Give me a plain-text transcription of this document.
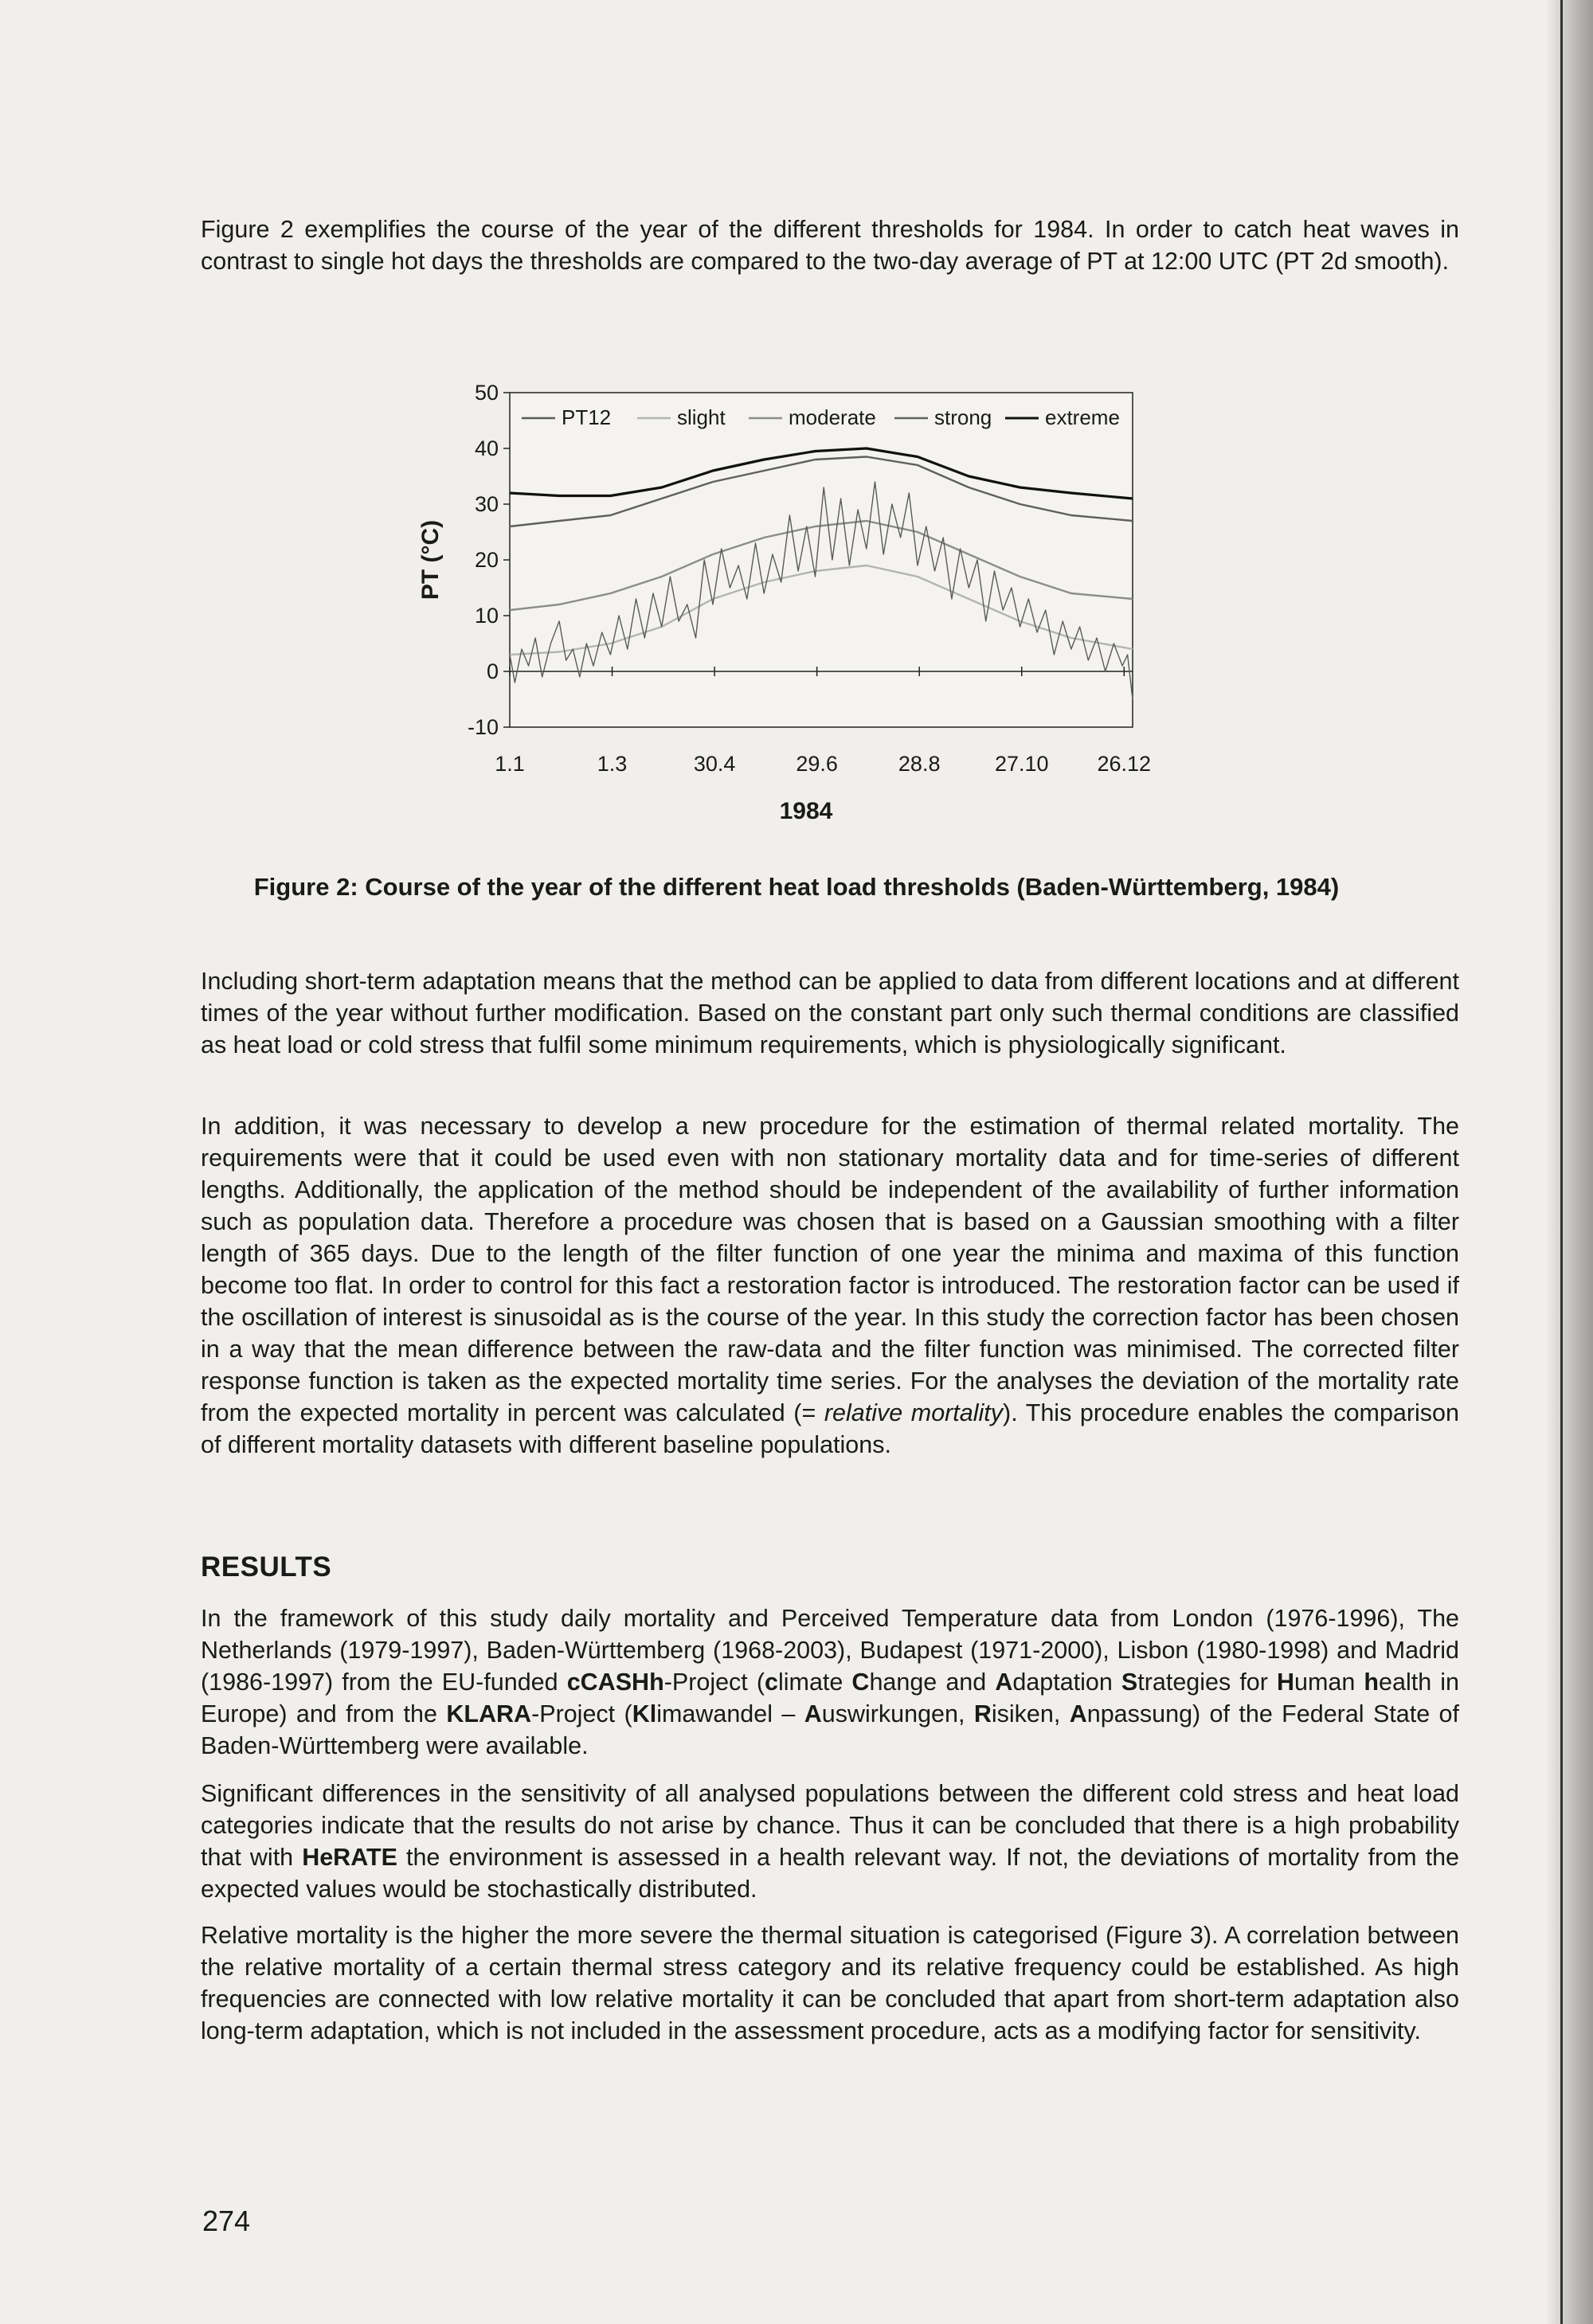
Figure 2 exemplifies the course of the year of the different thresholds for 1984. In order to catch heat waves in contrast to single hot days the thresholds are compared to the two-day average of PT at 12:00 UTC (PT 2d smooth).

-10
0
10
20
30
40
50
1.1	1.3	30.4	29.6	28.8	27.10 26.12
1984
PT (°C)
PT12	slight	moderate	strong	extreme

Figure 2: Course of the year of the different heat load thresholds (Baden-Württemberg, 1984)

Including short-term adaptation means that the method can be applied to data from different locations and at different times of the year without further modification. Based on the constant part only such thermal conditions are classified as heat load or cold stress that fulfil some minimum requirements, which is physiologically significant.

In addition, it was necessary to develop a new procedure for the estimation of thermal related mortality. The requirements were that it could be used even with non stationary mortality data and for time-series of different lengths. Additionally, the application of the method should be independent of the availability of further information such as population data. Therefore a procedure was chosen that is based on a Gaussian smoothing with a filter length of 365 days. Due to the length of the filter function of one year the minima and maxima of this function become too flat. In order to control for this fact a restoration factor is introduced. The restoration factor can be used if the oscillation of interest is sinusoidal as is the course of the year. In this study the correction factor has been chosen in a way that the mean difference between the raw-data and the filter function was minimised. The corrected filter response function is taken as the expected mortality time series. For the analyses the deviation of the mortality rate from the expected mortality in percent was calculated (= relative mortality). This procedure enables the comparison of different mortality datasets with different baseline populations.

RESULTS

In the framework of this study daily mortality and Perceived Temperature data from London (1976-1996), The Netherlands (1979-1997), Baden-Württemberg (1968-2003), Budapest (1971-2000), Lisbon (1980-1998) and Madrid (1986-1997) from the EU-funded cCASHh-Project (climate Change and Adaptation Strategies for Human health in Europe) and from the KLARA-Project (Klimawandel – Auswirkungen, Risiken, Anpassung) of the Federal State of Baden-Württemberg were available.

Significant differences in the sensitivity of all analysed populations between the different cold stress and heat load categories indicate that the results do not arise by chance. Thus it can be concluded that there is a high probability that with HeRATE the environment is assessed in a health relevant way. If not, the deviations of mortality from the expected values would be stochastically distributed.

Relative mortality is the higher the more severe the thermal situation is categorised (Figure 3). A correlation between the relative mortality of a certain thermal stress category and its relative frequency could be established. As high frequencies are connected with low relative mortality it can be concluded that apart from short-term adaptation also long-term adaptation, which is not included in the assessment procedure, acts as a modifying factor for sensitivity.

274
